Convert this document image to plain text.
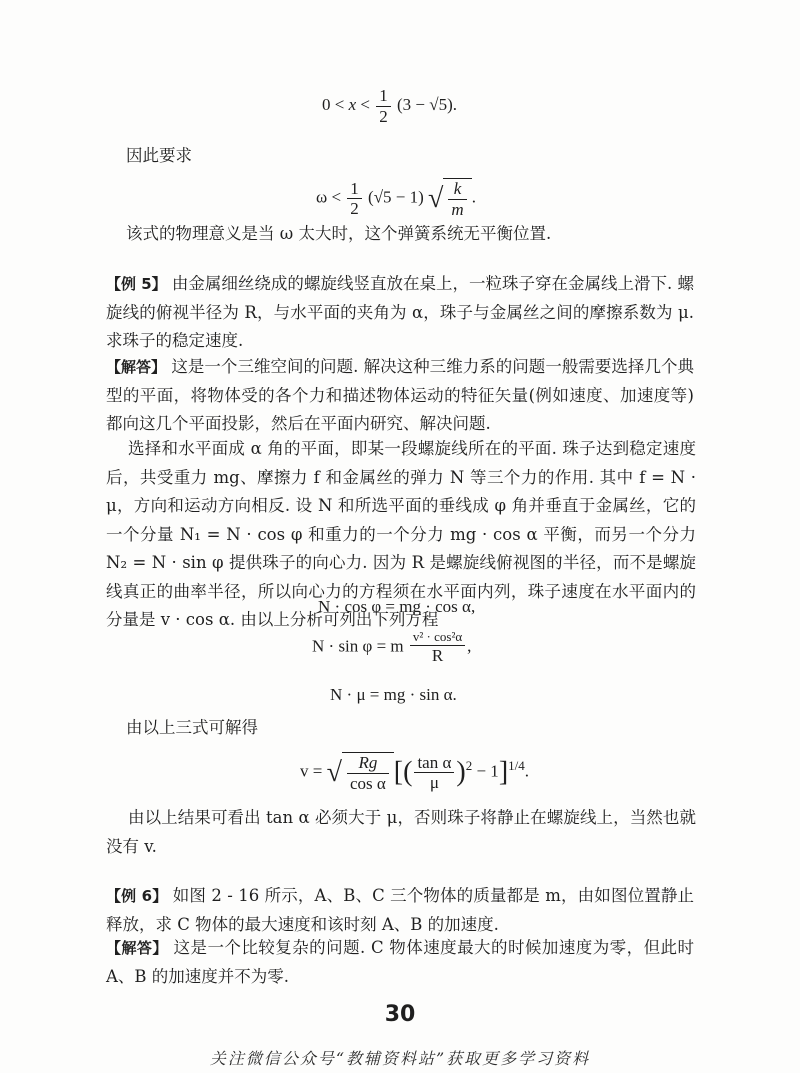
$0 < x < \frac{1}{2} (3 - √5)$.
因此要求
$\omega < \frac{1}{2} (√5 - 1)$ √ $\frac{k}{m}$ .
该式的物理意义是当 ω 太大时，这个弹簧系统无平衡位置.
【例 5】 由金属细丝绕成的螺旋线竖直放在桌上，一粒珠子穿在金属线上滑下. 螺旋线的俯视半径为 R，与水平面的夹角为 α，珠子与金属丝之间的摩擦系数为 μ. 求珠子的稳定速度.
【解答】 这是一个三维空间的问题. 解决这种三维力系的问题一般需要选择几个典型的平面，将物体受的各个力和描述物体运动的特征矢量(例如速度、加速度等)都向这几个平面投影，然后在平面内研究、解决问题.
选择和水平面成 α 角的平面，即某一段螺旋线所在的平面. 珠子达到稳定速度后，共受重力 mg、摩擦力 f 和金属丝的弹力 N 等三个力的作用. 其中 f = N · μ，方向和运动方向相反. 设 N 和所选平面的垂线成 φ 角并垂直于金属丝，它的一个分量 N₁ = N · cos φ 和重力的一个分力 mg · cos α 平衡，而另一个分力 N₂ = N · sin φ 提供珠子的向心力. 因为 R 是螺旋线俯视图的半径，而不是螺旋线真正的曲率半径，所以向心力的方程须在水平面内列，珠子速度在水平面内的分量是 v · cos α. 由以上分析可列出下列方程
N · cos φ = mg · cos α,
N · sin φ = m $\frac{\text{v² · cos²α}}{R}$ ,
N · μ = mg · sin α.
由以上三式可解得
v = √ $\frac{Rg}{\text{cos α}}$ [( $\frac{\text{tan α}}{\mu} )^2 - 1]^{1/4}$.
由以上结果可看出 tan α 必须大于 μ，否则珠子将静止在螺旋线上，当然也就没有 v.
【例 6】 如图 2 - 16 所示，A、B、C 三个物体的质量都是 m，由如图位置静止释放，求 C 物体的最大速度和该时刻 A、B 的加速度.
【解答】 这是一个比较复杂的问题. C 物体速度最大的时候加速度为零，但此时 A、B 的加速度并不为零.
30
关注微信公众号“教辅资料站”获取更多学习资料
